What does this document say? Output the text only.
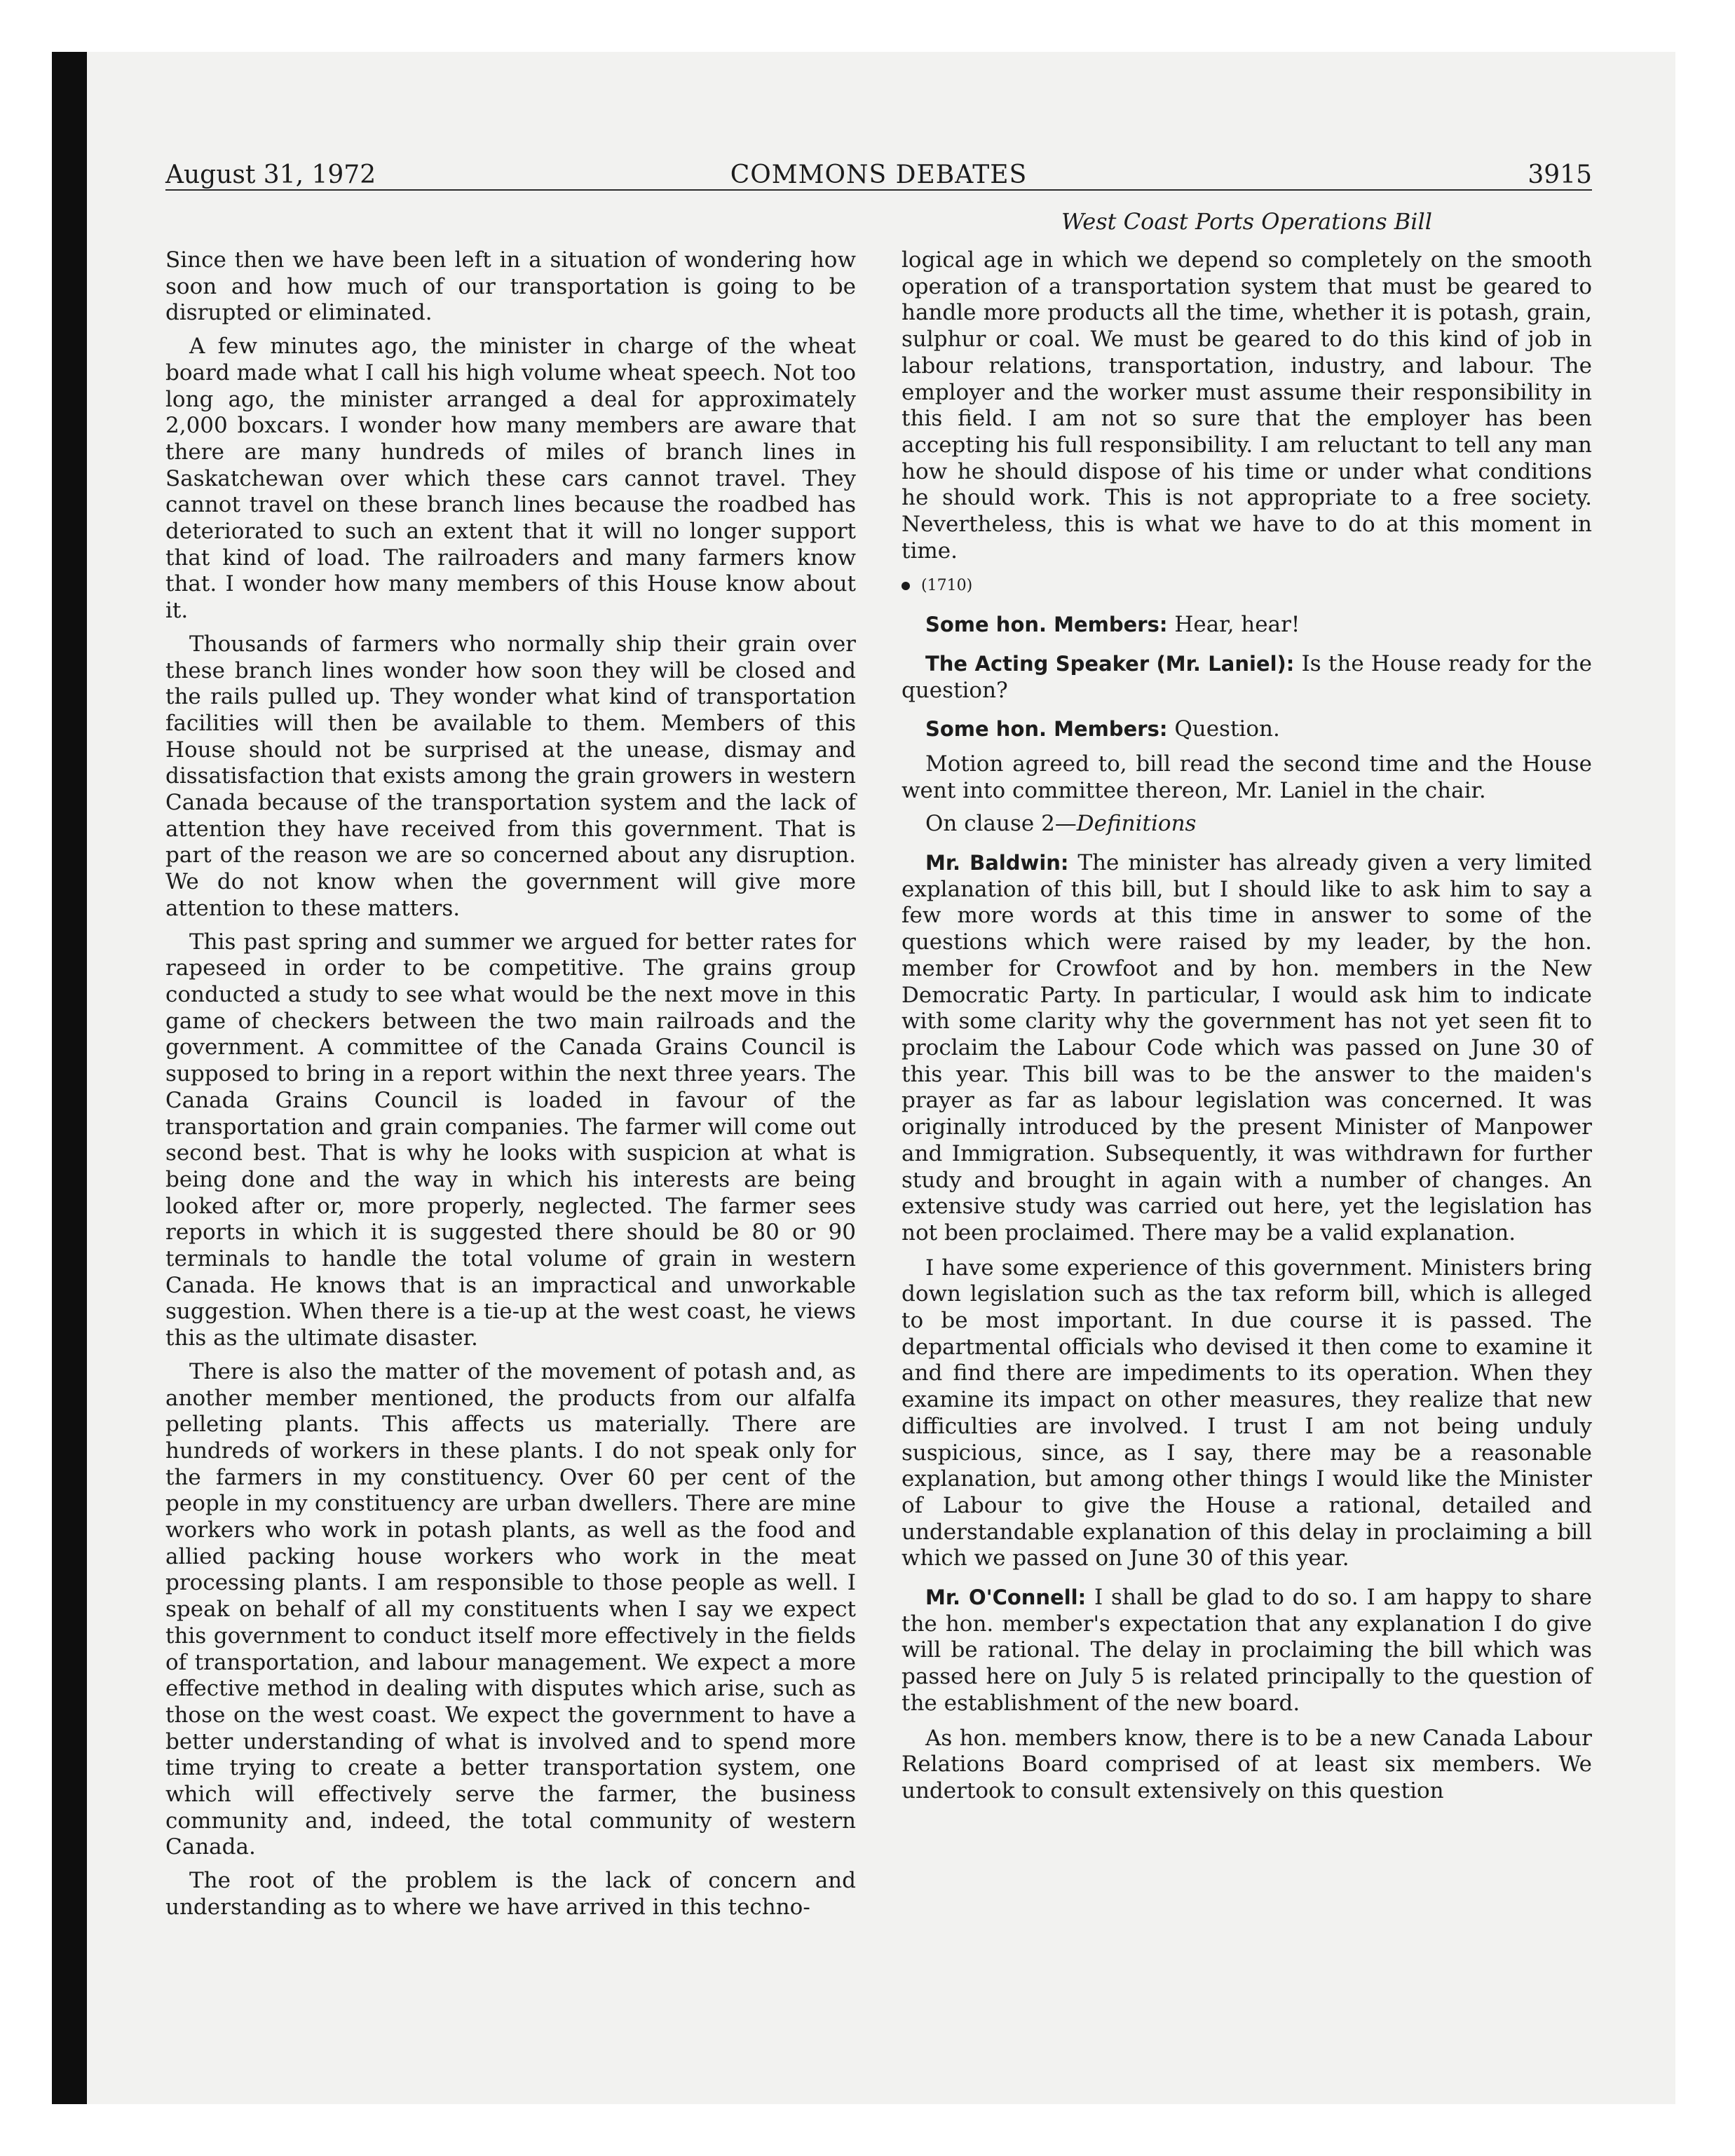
August 31, 1972	COMMONS DEBATES	3915
West Coast Ports Operations Bill

Since then we have been left in a situation of wondering how soon and how much of our transportation is going to be disrupted or eliminated.

A few minutes ago, the minister in charge of the wheat board made what I call his high volume wheat speech. Not too long ago, the minister arranged a deal for approximately 2,000 boxcars. I wonder how many members are aware that there are many hundreds of miles of branch lines in Saskatchewan over which these cars cannot travel. They cannot travel on these branch lines because the roadbed has deteriorated to such an extent that it will no longer support that kind of load. The railroaders and many farmers know that. I wonder how many members of this House know about it.

Thousands of farmers who normally ship their grain over these branch lines wonder how soon they will be closed and the rails pulled up. They wonder what kind of transportation facilities will then be available to them. Members of this House should not be surprised at the unease, dismay and dissatisfaction that exists among the grain growers in western Canada because of the transportation system and the lack of attention they have received from this government. That is part of the reason we are so concerned about any disruption. We do not know when the government will give more attention to these matters.

This past spring and summer we argued for better rates for rapeseed in order to be competitive. The grains group conducted a study to see what would be the next move in this game of checkers between the two main railroads and the government. A committee of the Canada Grains Council is supposed to bring in a report within the next three years. The Canada Grains Council is loaded in favour of the transportation and grain companies. The farmer will come out second best. That is why he looks with suspicion at what is being done and the way in which his interests are being looked after or, more properly, neglected. The farmer sees reports in which it is suggested there should be 80 or 90 terminals to handle the total volume of grain in western Canada. He knows that is an impractical and unworkable suggestion. When there is a tie-up at the west coast, he views this as the ultimate disaster.

There is also the matter of the movement of potash and, as another member mentioned, the products from our alfalfa pelleting plants. This affects us materially. There are hundreds of workers in these plants. I do not speak only for the farmers in my constituency. Over 60 per cent of the people in my constituency are urban dwellers. There are mine workers who work in potash plants, as well as the food and allied packing house workers who work in the meat processing plants. I am responsible to those people as well. I speak on behalf of all my constituents when I say we expect this government to conduct itself more effectively in the fields of transportation, and labour management. We expect a more effective method in dealing with disputes which arise, such as those on the west coast. We expect the government to have a better understanding of what is involved and to spend more time trying to create a better transportation system, one which will effectively serve the farmer, the business community and, indeed, the total community of western Canada.

The root of the problem is the lack of concern and understanding as to where we have arrived in this techno-

logical age in which we depend so completely on the smooth operation of a transportation system that must be geared to handle more products all the time, whether it is potash, grain, sulphur or coal. We must be geared to do this kind of job in labour relations, transportation, industry, and labour. The employer and the worker must assume their responsibility in this field. I am not so sure that the employer has been accepting his full responsibility. I am reluctant to tell any man how he should dispose of his time or under what conditions he should work. This is not appropriate to a free society. Nevertheless, this is what we have to do at this moment in time.

(1710)

Some hon. Members: Hear, hear!

The Acting Speaker (Mr. Laniel): Is the House ready for the question?

Some hon. Members: Question.

Motion agreed to, bill read the second time and the House went into committee thereon, Mr. Laniel in the chair.

On clause 2—Definitions

Mr. Baldwin: The minister has already given a very limited explanation of this bill, but I should like to ask him to say a few more words at this time in answer to some of the questions which were raised by my leader, by the hon. member for Crowfoot and by hon. members in the New Democratic Party. In particular, I would ask him to indicate with some clarity why the government has not yet seen fit to proclaim the Labour Code which was passed on June 30 of this year. This bill was to be the answer to the maiden's prayer as far as labour legislation was concerned. It was originally introduced by the present Minister of Manpower and Immigration. Subsequently, it was withdrawn for further study and brought in again with a number of changes. An extensive study was carried out here, yet the legislation has not been proclaimed. There may be a valid explanation.

I have some experience of this government. Ministers bring down legislation such as the tax reform bill, which is alleged to be most important. In due course it is passed. The departmental officials who devised it then come to examine it and find there are impediments to its operation. When they examine its impact on other measures, they realize that new difficulties are involved. I trust I am not being unduly suspicious, since, as I say, there may be a reasonable explanation, but among other things I would like the Minister of Labour to give the House a rational, detailed and understandable explanation of this delay in proclaiming a bill which we passed on June 30 of this year.

Mr. O'Connell: I shall be glad to do so. I am happy to share the hon. member's expectation that any explanation I do give will be rational. The delay in proclaiming the bill which was passed here on July 5 is related principally to the question of the establishment of the new board.

As hon. members know, there is to be a new Canada Labour Relations Board comprised of at least six members. We undertook to consult extensively on this question
